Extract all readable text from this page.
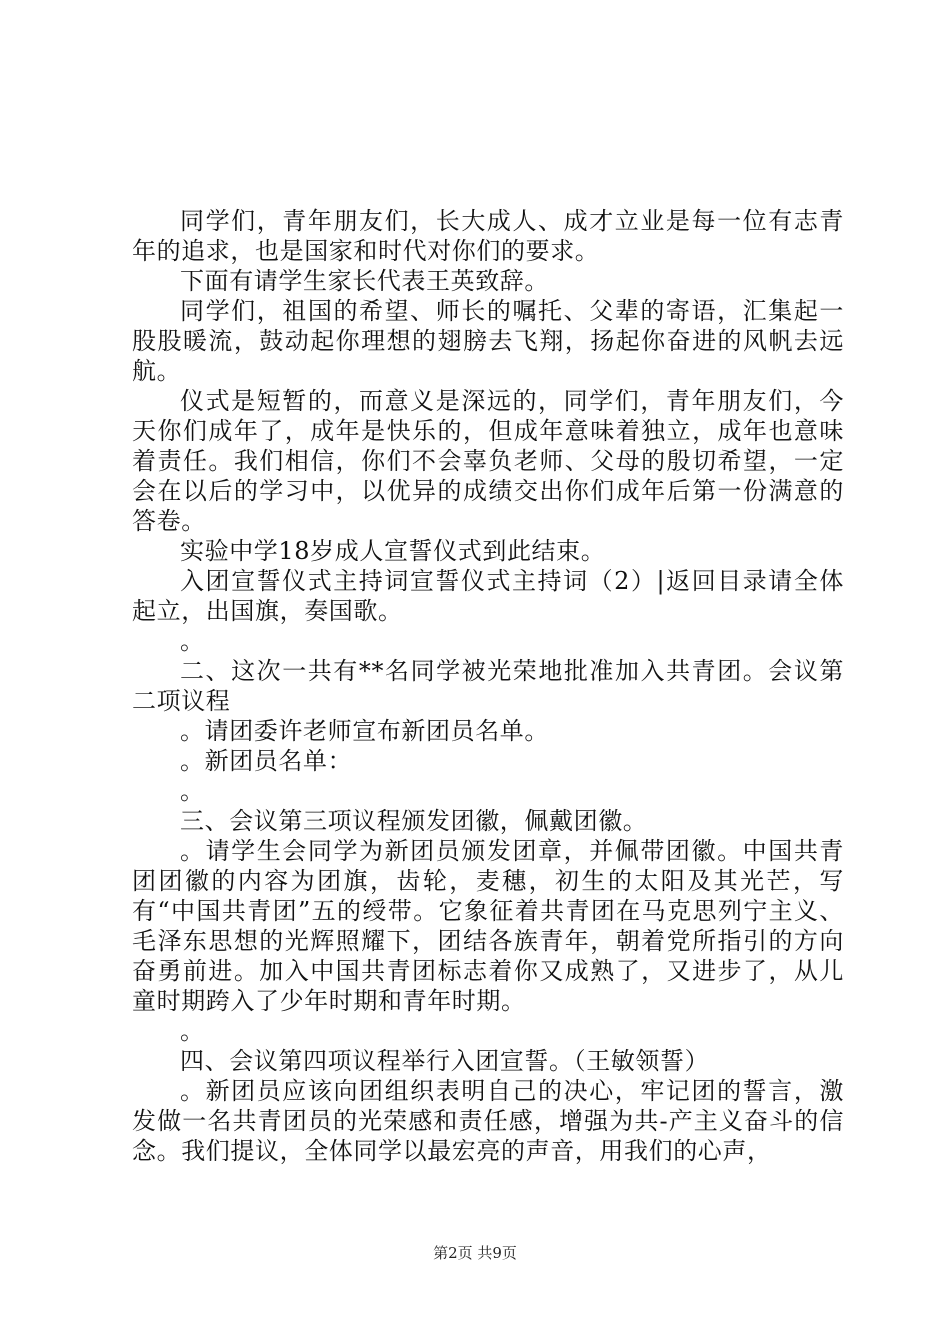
同学们，青年朋友们，长大成人、成才立业是每一位有志青年的追求，也是国家和时代对你们的要求。

下面有请学生家长代表王英致辞。

同学们，祖国的希望、师长的嘱托、父辈的寄语，汇集起一股股暖流，鼓动起你理想的翅膀去飞翔，扬起你奋进的风帆去远航。

仪式是短暂的，而意义是深远的，同学们，青年朋友们，今天你们成年了，成年是快乐的，但成年意味着独立，成年也意味着责任。我们相信，你们不会辜负老师、父母的殷切希望，一定会在以后的学习中，以优异的成绩交出你们成年后第一份满意的答卷。

实验中学18岁成人宣誓仪式到此结束。

入团宣誓仪式主持词宣誓仪式主持词（2）|返回目录请全体起立，出国旗，奏国歌。

。

二、这次一共有**名同学被光荣地批准加入共青团。会议第二项议程

。请团委许老师宣布新团员名单。

。新团员名单：

。

三、会议第三项议程颁发团徽，佩戴团徽。

。请学生会同学为新团员颁发团章，并佩带团徽。中国共青团团徽的内容为团旗，齿轮，麦穗，初生的太阳及其光芒，写有“中国共青团”五的绶带。它象征着共青团在马克思列宁主义、毛泽东思想的光辉照耀下，团结各族青年，朝着党所指引的方向奋勇前进。加入中国共青团标志着你又成熟了，又进步了，从儿童时期跨入了少年时期和青年时期。

。

四、会议第四项议程举行入团宣誓。（王敏领誓）

。新团员应该向团组织表明自己的决心，牢记团的誓言，激发做一名共青团员的光荣感和责任感，增强为共-产主义奋斗的信念。我们提议，全体同学以最宏亮的声音，用我们的心声，

第2页 共9页
